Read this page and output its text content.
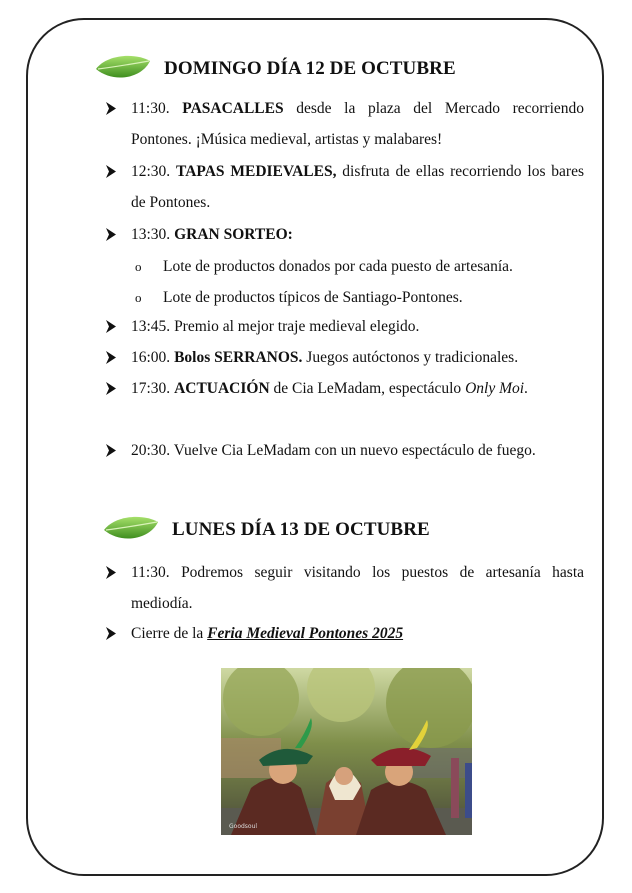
DOMINGO DÍA 12 DE OCTUBRE
11:30. PASACALLES desde la plaza del Mercado recorriendo Pontones. ¡Música medieval, artistas y malabares!
12:30. TAPAS MEDIEVALES, disfruta de ellas recorriendo los bares de Pontones.
13:30. GRAN SORTEO:
o Lote de productos donados por cada puesto de artesanía.
o Lote de productos típicos de Santiago-Pontones.
13:45. Premio al mejor traje medieval elegido.
16:00. Bolos SERRANOS. Juegos autóctonos y tradicionales.
17:30. ACTUACIÓN de Cia LeMadam, espectáculo Only Moi.
20:30. Vuelve Cia LeMadam con un nuevo espectáculo de fuego.
LUNES DÍA 13 DE OCTUBRE
11:30. Podremos seguir visitando los puestos de artesanía hasta mediodía.
Cierre de la Feria Medieval Pontones 2025
Goodsoul
